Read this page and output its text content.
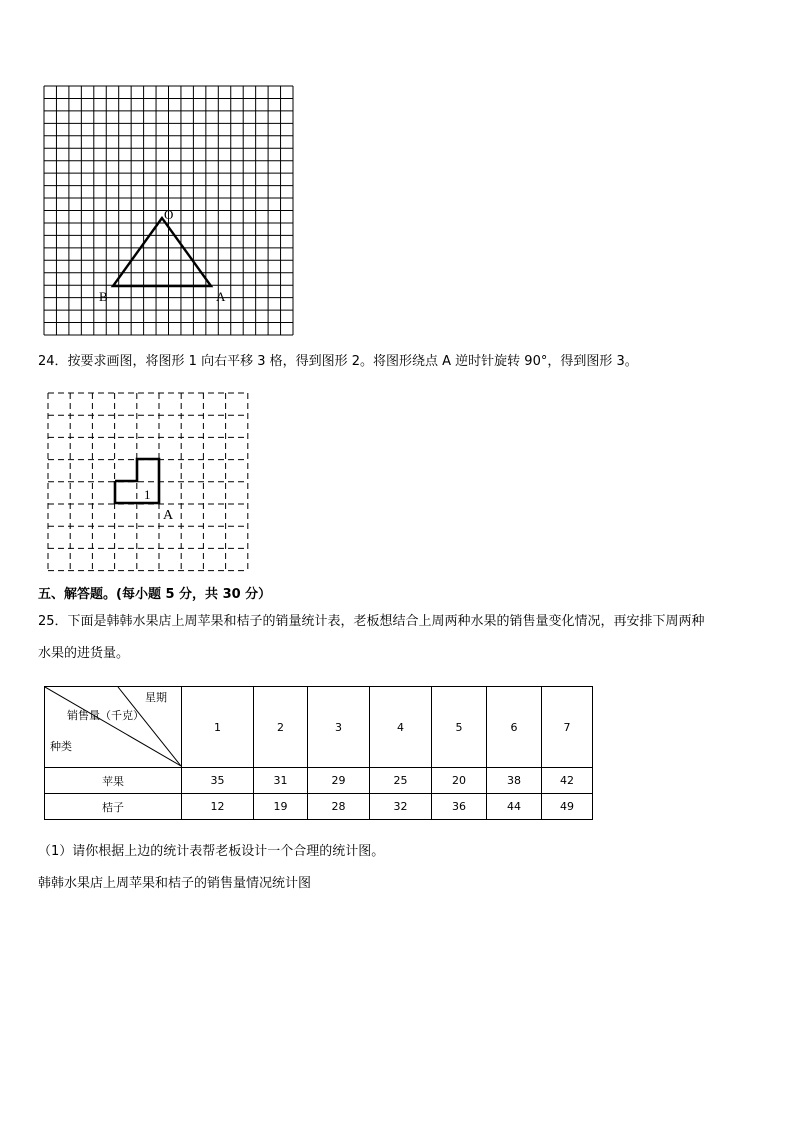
O
B	A
24．按要求画图，将图形 1 向右平移 3 格，得到图形 2。将图形绕点 A 逆时针旋转 90°，得到图形 3。
1
A
五、解答题。(每小题 5 分，共 30 分）
25．下面是韩韩水果店上周苹果和桔子的销量统计表，老板想结合上周两种水果的销售量变化情况，再安排下周两种
水果的进货量。
星期
销售量（千克）
种类	1	2	3	4	5	6	7
苹果	35	31	29	25	20	38	42
桔子	12	19	28	32	36	44	49
（1）请你根据上边的统计表帮老板设计一个合理的统计图。
韩韩水果店上周苹果和桔子的销售量情况统计图
